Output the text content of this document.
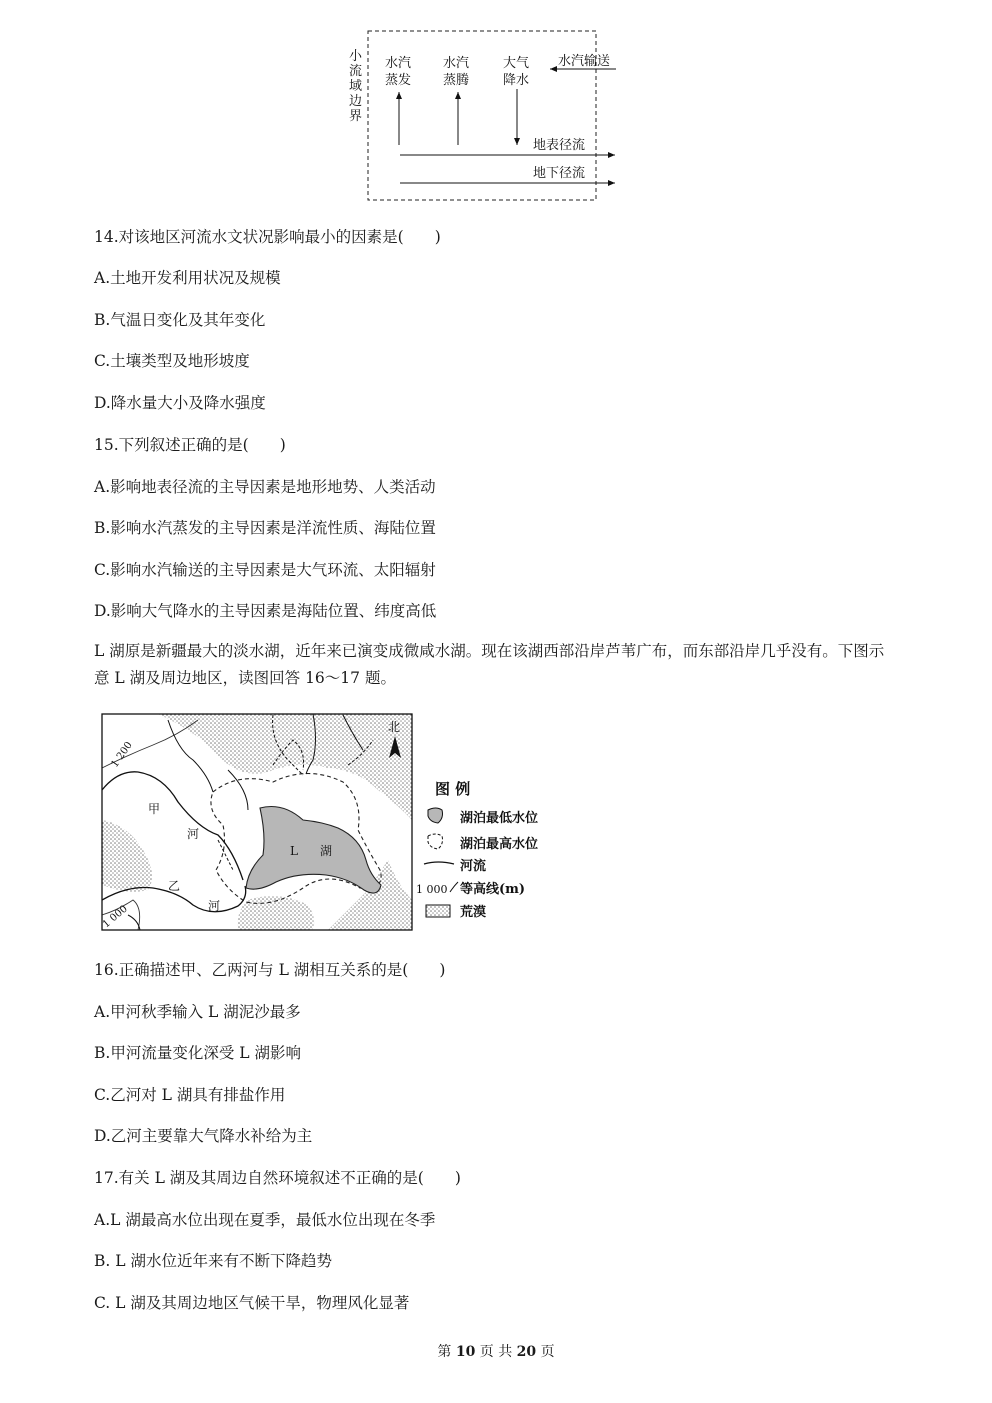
小
流
域
边
界
水汽
蒸发
水汽
蒸腾
大气
降水
水汽输送
地表径流
地下径流
14.对该地区河流水文状况影响最小的因素是(　　)
A.土地开发利用状况及规模
B.气温日变化及其年变化
C.土壤类型及地形坡度
D.降水量大小及降水强度
15.下列叙述正确的是(　　)
A.影响地表径流的主导因素是地形地势、人类活动
B.影响水汽蒸发的主导因素是洋流性质、海陆位置
C.影响水汽输送的主导因素是大气环流、太阳辐射
D.影响大气降水的主导因素是海陆位置、纬度高低
L 湖原是新疆最大的淡水湖，近年来已演变成微咸水湖。现在该湖西部沿岸芦苇广布，而东部沿岸几乎没有。下图示意 L 湖及周边地区，读图回答 16～17 题。
北
1 200
1 000
甲
河
乙
河
L 湖
图 例
湖泊最低水位
湖泊最高水位
河流
1 000 等高线(m)
荒漠
16.正确描述甲、乙两河与 L 湖相互关系的是(　　)
A.甲河秋季输入 L 湖泥沙最多
B.甲河流量变化深受 L 湖影响
C.乙河对 L 湖具有排盐作用
D.乙河主要靠大气降水补给为主
17.有关 L 湖及其周边自然环境叙述不正确的是(　　)
A.L 湖最高水位出现在夏季，最低水位出现在冬季
B. L 湖水位近年来有不断下降趋势
C. L 湖及其周边地区气候干旱，物理风化显著
第 10 页 共 20 页
